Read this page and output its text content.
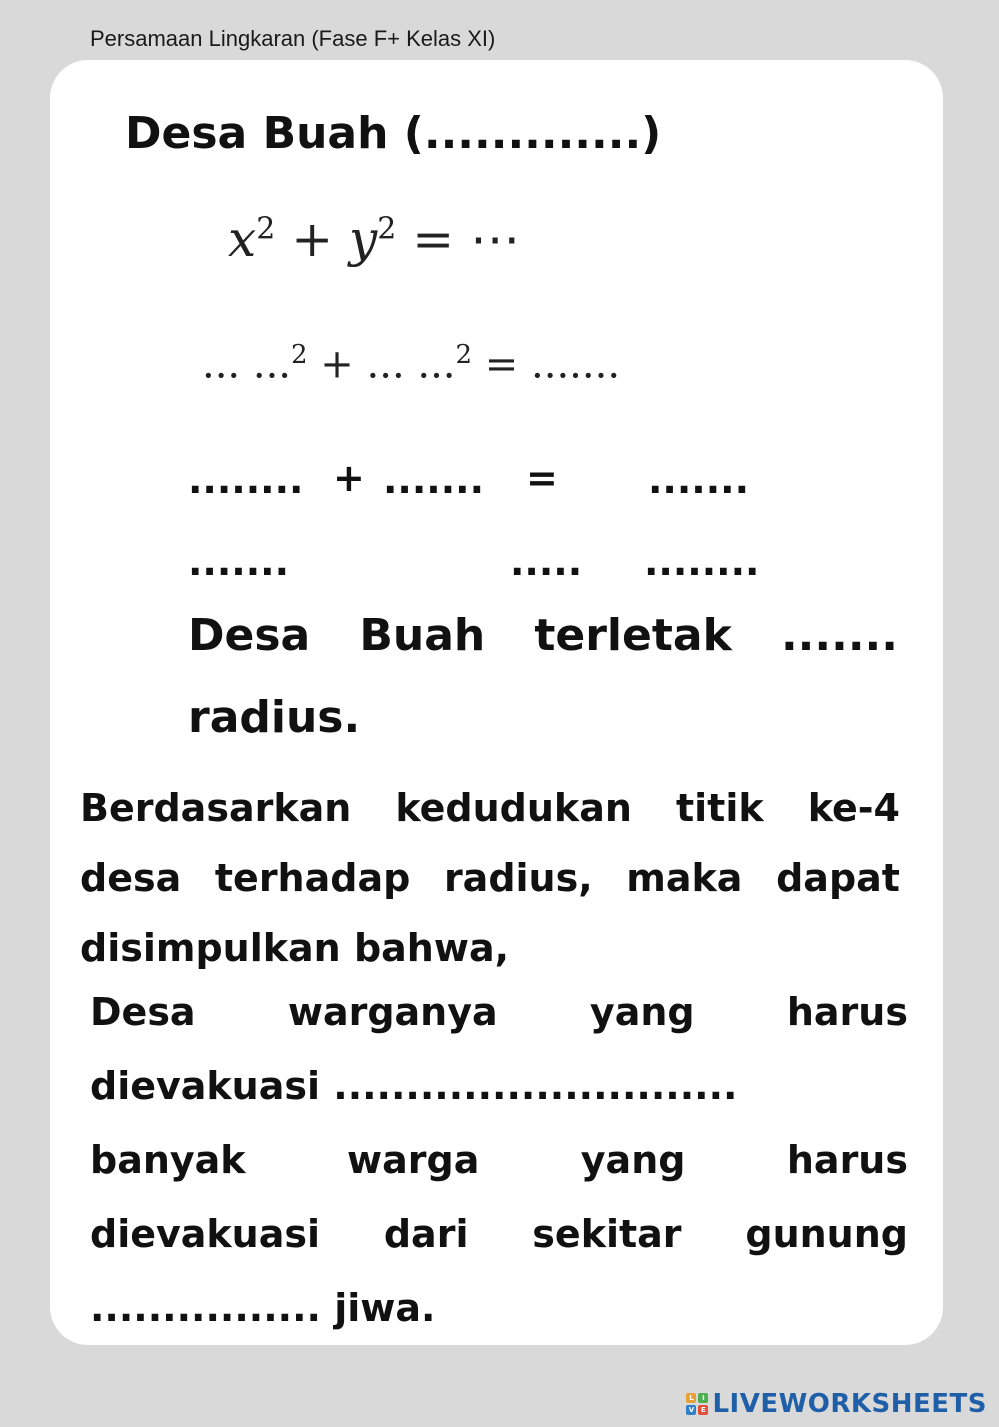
Persamaan Lingkaran (Fase F+ Kelas XI)
Desa Buah (.............)
$x^2 + y^2$ = ⋯
... ...$^2$ + ... ...$^2$ = .......
........ + ....... = .......
.......	..... ........
Desa Buah terletak .......
radius.
Berdasarkan kedudukan titik ke-4
desa terhadap radius, maka dapat
disimpulkan bahwa,
Desa warganya yang harus
dievakuasi ............................
banyak	warga	yang	harus
dievakuasi dari sekitar gunung
................ jiwa.
L	I
V E LIVEWORKSHEETS
